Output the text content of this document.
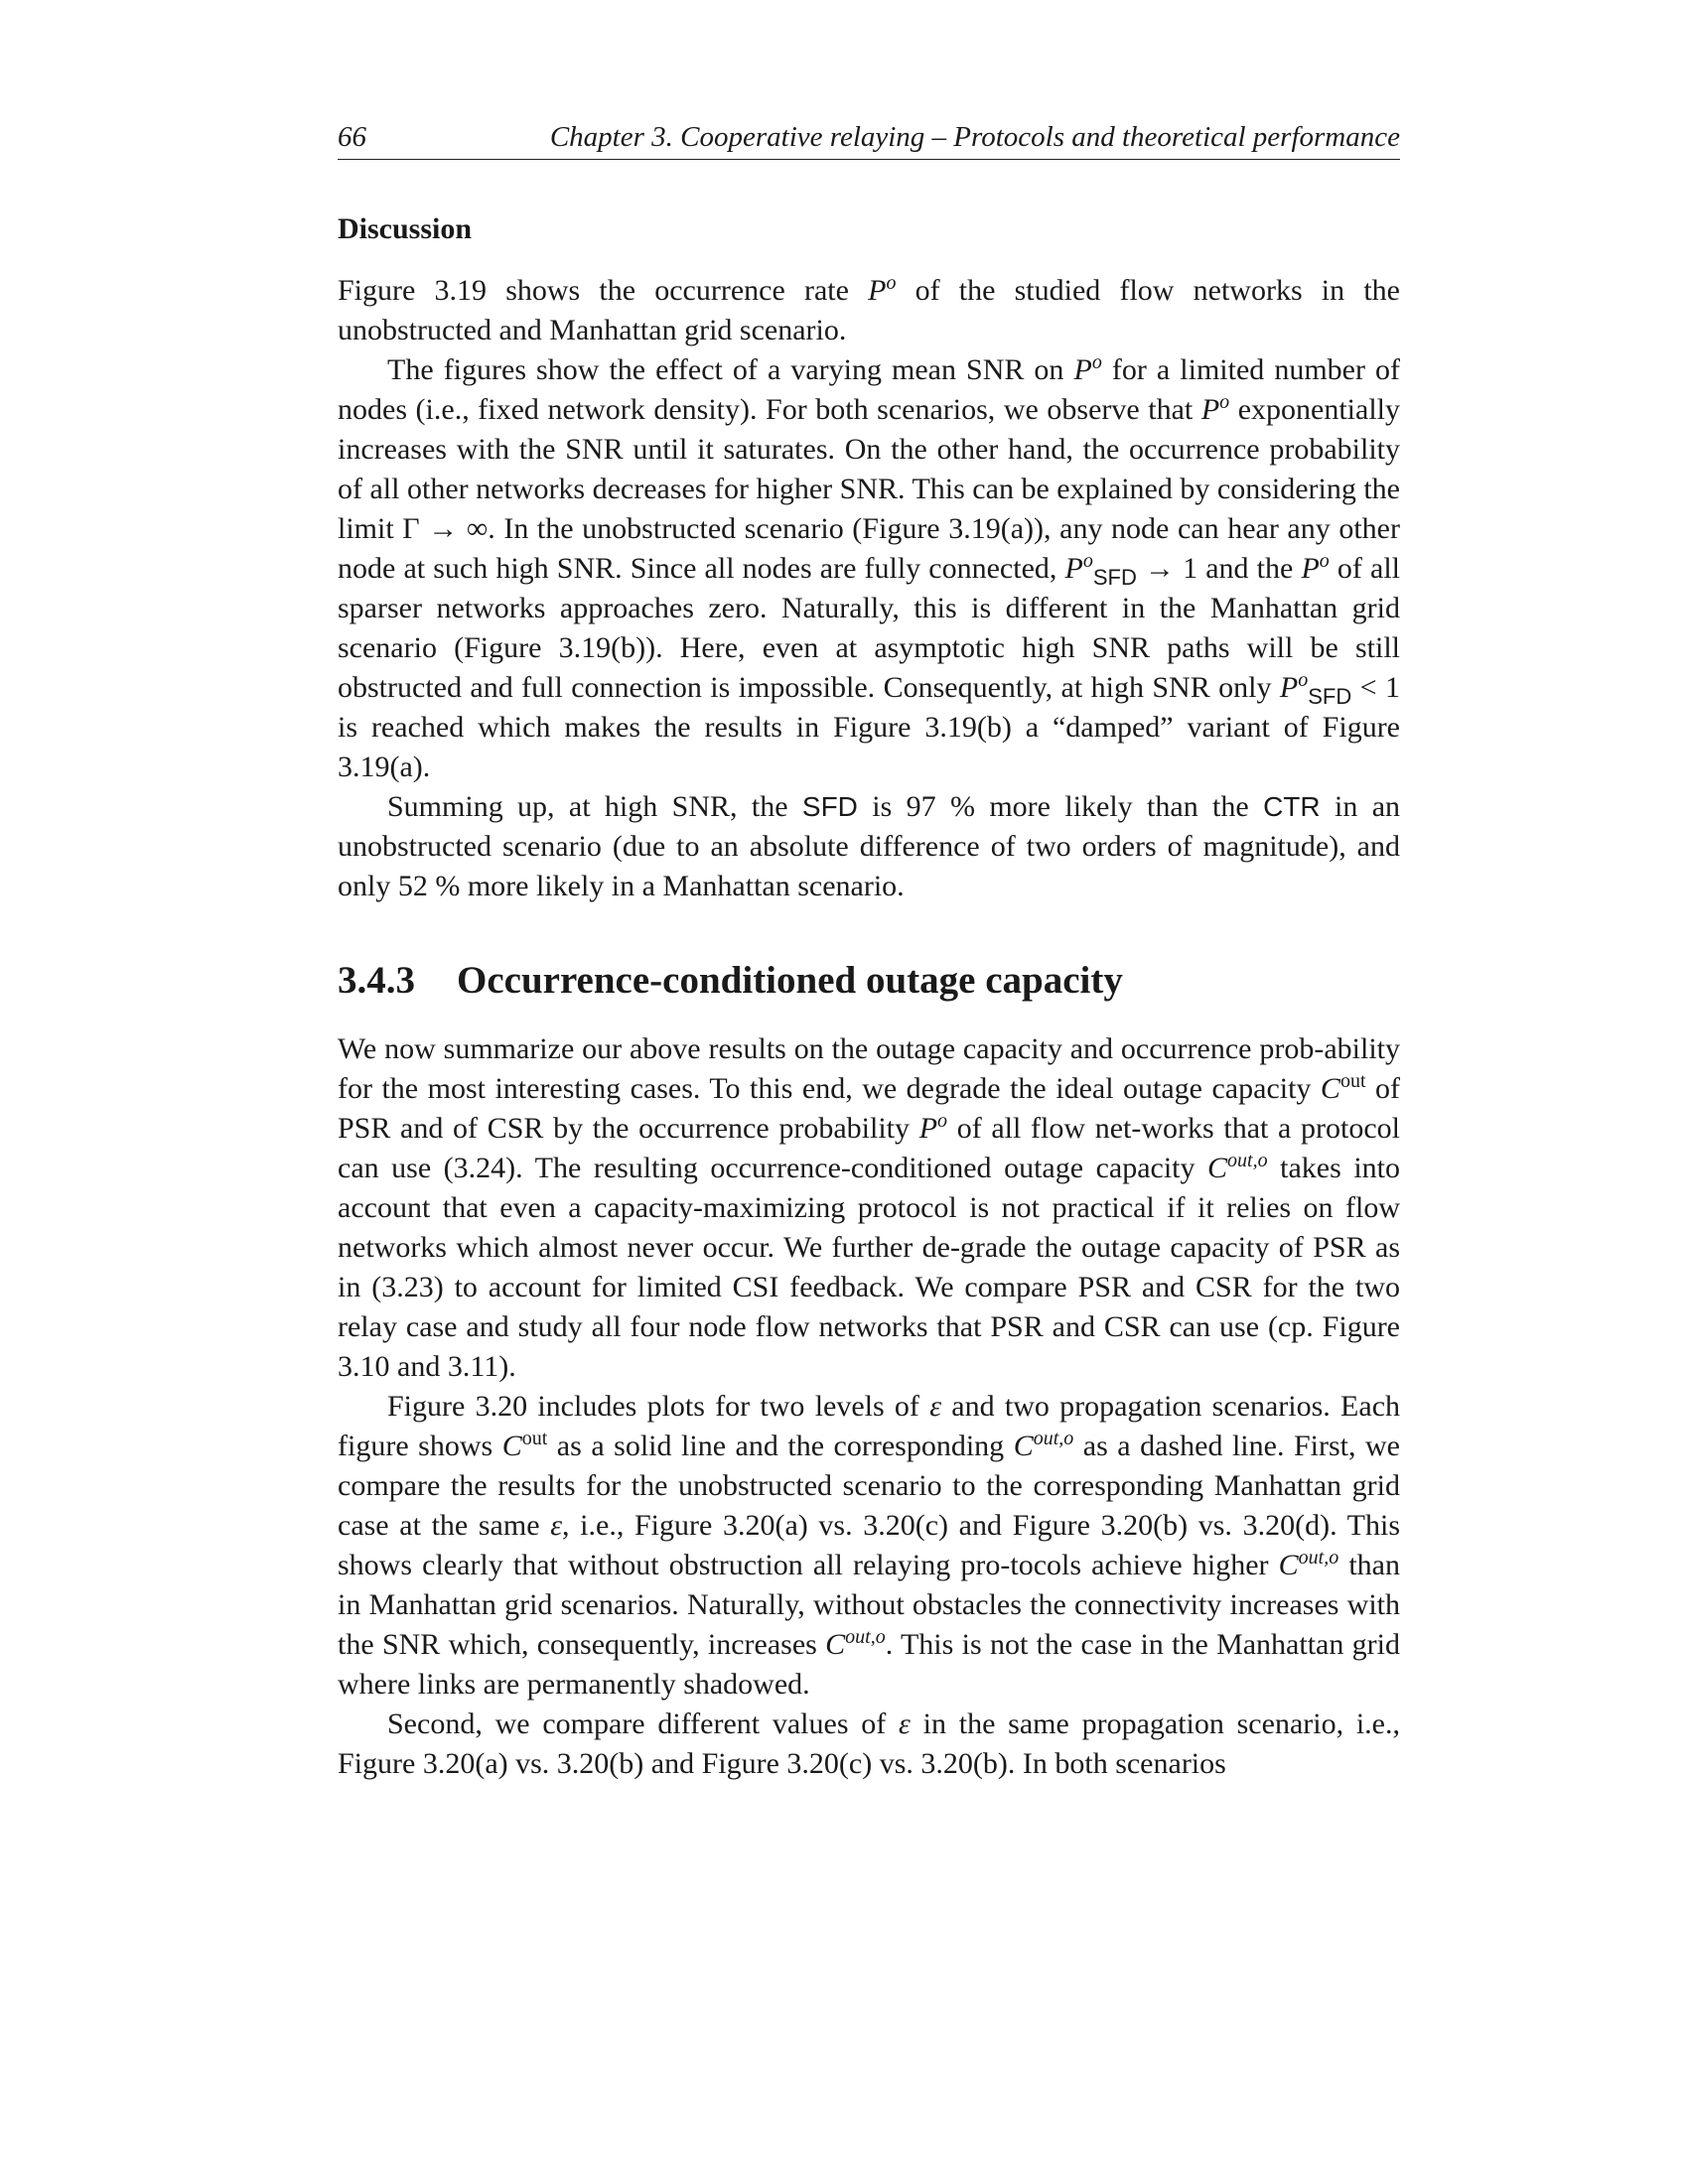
66	Chapter 3. Cooperative relaying – Protocols and theoretical performance
Discussion

Figure 3.19 shows the occurrence rate $P^o$ of the studied flow networks in the unobstructed and Manhattan grid scenario.

The figures show the effect of a varying mean SNR on $P^o$ for a limited number of nodes (i.e., fixed network density). For both scenarios, we observe that $P^o$ exponentially increases with the SNR until it saturates. On the other hand, the occurrence probability of all other networks decreases for higher SNR. This can be explained by considering the limit Γ → ∞. In the unobstructed scenario (Figure 3.19(a)), any node can hear any other node at such high SNR. Since all nodes are fully connected, $P^o_{SFD} \to 1$ and the $P^o$ of all sparser networks approaches zero. Naturally, this is different in the Manhattan grid scenario (Figure 3.19(b)). Here, even at asymptotic high SNR paths will be still obstructed and full connection is impossible. Consequently, at high SNR only $P^o_{SFD} < 1$ is reached which makes the results in Figure 3.19(b) a “damped” variant of Figure 3.19(a).

Summing up, at high SNR, the SFD is 97 % more likely than the CTR in an unobstructed scenario (due to an absolute difference of two orders of magnitude), and only 52 % more likely in a Manhattan scenario.

3.4.3 Occurrence-conditioned outage capacity

We now summarize our above results on the outage capacity and occurrence prob-ability for the most interesting cases. To this end, we degrade the ideal outage capacity $C^{out}$ of PSR and of CSR by the occurrence probability $P^o$ of all flow net-works that a protocol can use (3.24). The resulting occurrence-conditioned outage capacity $C^{out,o}$ takes into account that even a capacity-maximizing protocol is not practical if it relies on flow networks which almost never occur. We further de-grade the outage capacity of PSR as in (3.23) to account for limited CSI feedback. We compare PSR and CSR for the two relay case and study all four node flow networks that PSR and CSR can use (cp. Figure 3.10 and 3.11).

Figure 3.20 includes plots for two levels of ε and two propagation scenarios. Each figure shows $C^{out}$ as a solid line and the corresponding $C^{out,o}$ as a dashed line. First, we compare the results for the unobstructed scenario to the corresponding Manhattan grid case at the same ε, i.e., Figure 3.20(a) vs. 3.20(c) and Figure 3.20(b) vs. 3.20(d). This shows clearly that without obstruction all relaying pro-tocols achieve higher $C^{out,o}$ than in Manhattan grid scenarios. Naturally, without obstacles the connectivity increases with the SNR which, consequently, increases $C^{out,o}$. This is not the case in the Manhattan grid where links are permanently shadowed.

Second, we compare different values of ε in the same propagation scenario, i.e., Figure 3.20(a) vs. 3.20(b) and Figure 3.20(c) vs. 3.20(b). In both scenarios
